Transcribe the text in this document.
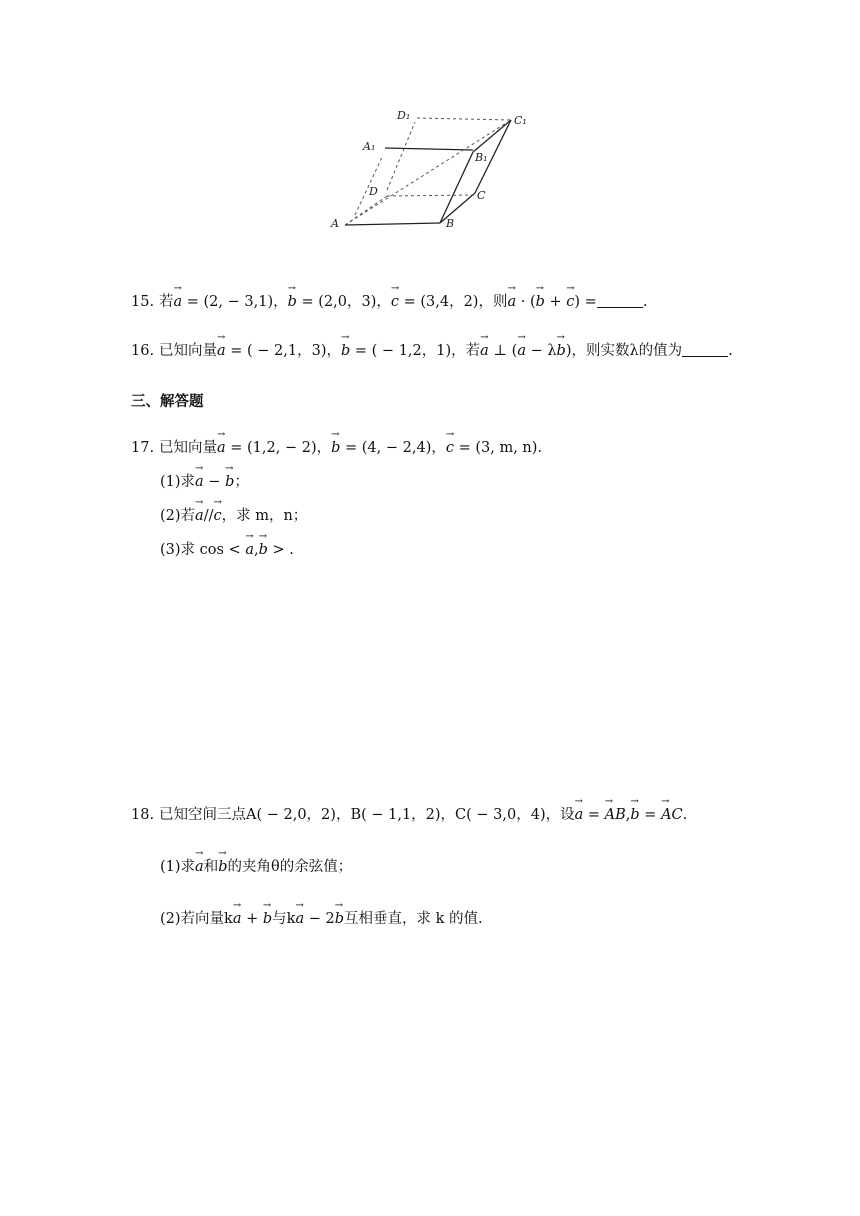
D₁	C₁
A₁
B₁
D	C
A	B
15. 若→ a = (2, − 3,1)，→ b = (2,0，3)，→ c = (3,4，2)，则→ a · (→ b + → c) =	.
16. 已知向量→ a = ( − 2,1，3)，→ b = ( − 1,2，1)，若→ a ⊥ (→ a − λ→ b)，则实数λ的值为	.
三、解答题
17. 已知向量→ a = (1,2, − 2)，→ b = (4, − 2,4)，→ c = (3, m, n).
(1)求→ a − → b；
(2)若→ a//→ c，求 m，n；
(3)求 cos < → a,→ b > .
18. 已知空间三点A( − 2,0，2)，B( − 1,1，2)，C( − 3,0，4)，设→ a = → AB,→ b = → AC.
(1)求→ a和→ b的夹角θ的余弦值；
(2)若向量k→ a + → b与k→ a − 2→ b互相垂直，求 k 的值.
